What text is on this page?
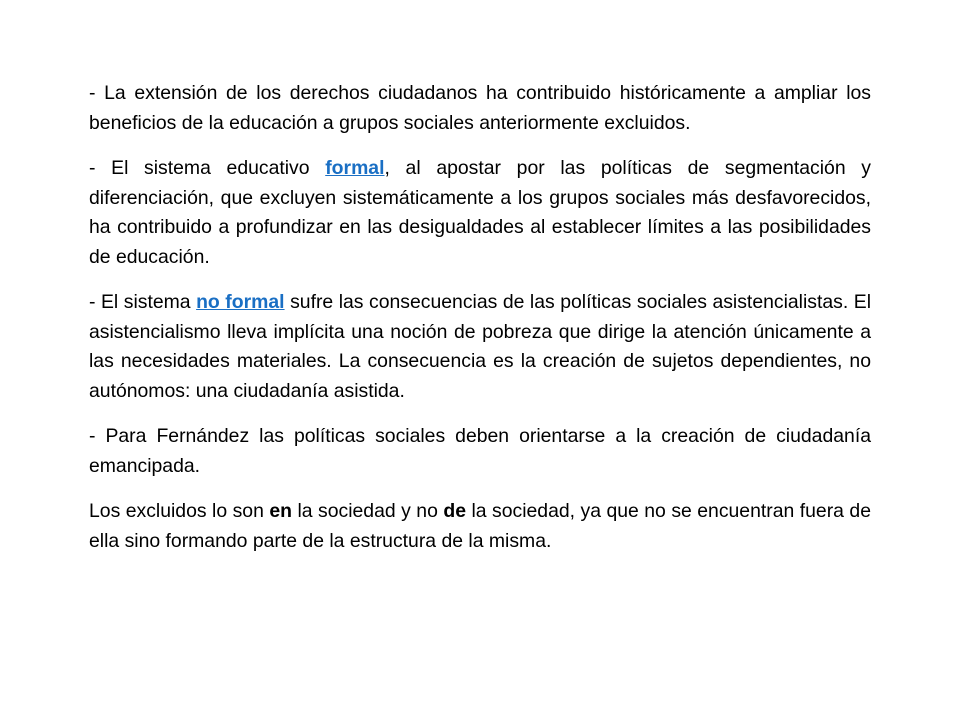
- La extensión de los derechos ciudadanos ha contribuido históricamente a ampliar los beneficios de la educación a grupos sociales anteriormente excluidos.

- El sistema educativo formal, al apostar por las políticas de segmentación y diferenciación, que excluyen sistemáticamente a los grupos sociales más desfavorecidos, ha contribuido a profundizar en las desigualdades al establecer límites a las posibilidades de educación.

- El sistema no formal sufre las consecuencias de las políticas sociales asistencialistas. El asistencialismo lleva implícita una noción de pobreza que dirige la atención únicamente a las necesidades materiales. La consecuencia es la creación de sujetos dependientes, no autónomos: una ciudadanía asistida.

- Para Fernández las políticas sociales deben orientarse a la creación de ciudadanía emancipada.

Los excluidos lo son en la sociedad y no de la sociedad, ya que no se encuentran fuera de ella sino formando parte de la estructura de la misma.
